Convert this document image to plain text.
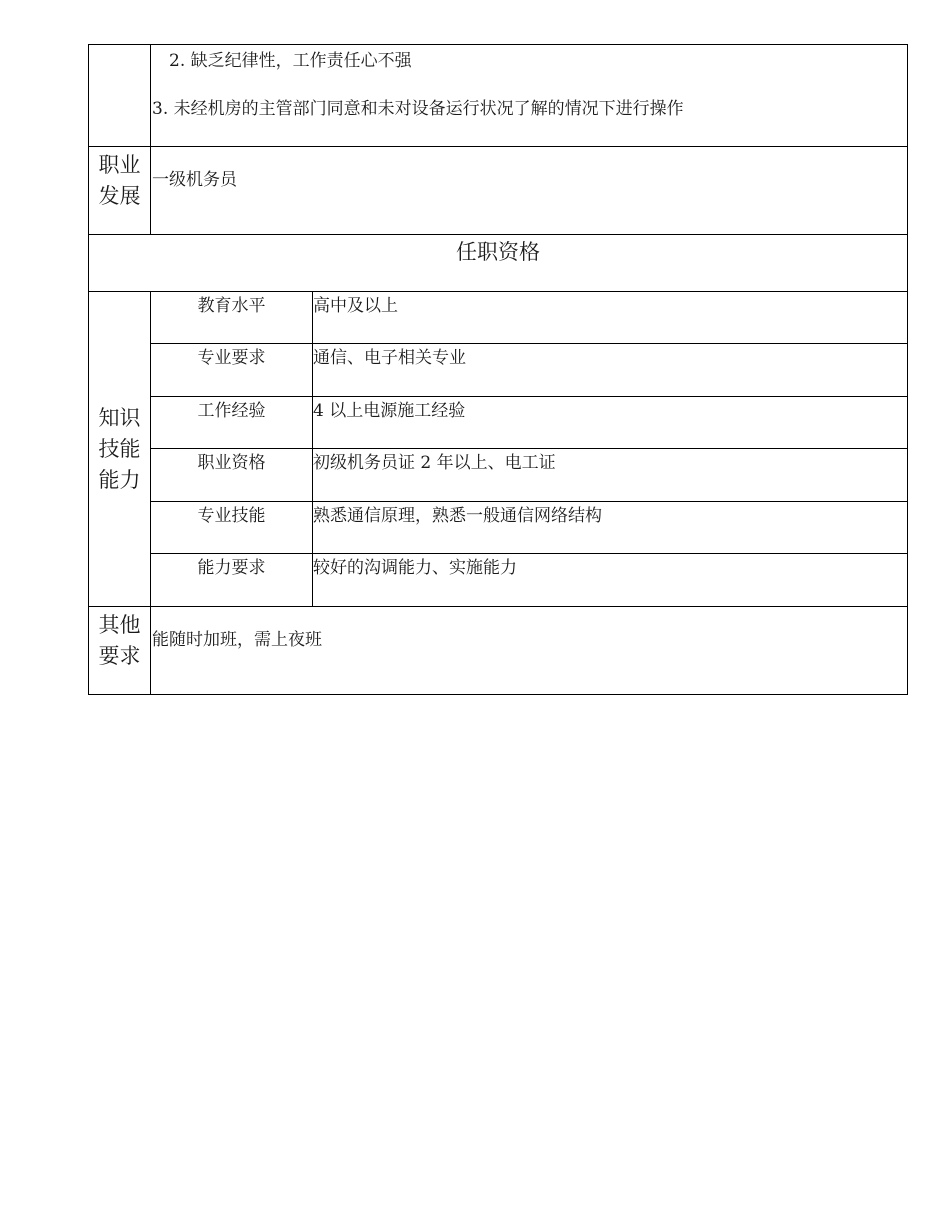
	2. 缺乏纪律性，工作责任心不强
3. 未经机房的主管部门同意和未对设备运行状况了解的情况下进行操作	

职业
发展	一级机务员	

任职资格		

知识
技能
能力	教育水平	高中及以上
	专业要求	通信、电子相关专业
	工作经验	4 以上电源施工经验
	职业资格	初级机务员证 2 年以上、电工证
	专业技能	熟悉通信原理，熟悉一般通信网络结构
	能力要求	较好的沟调能力、实施能力

其他
要求	能随时加班，需上夜班	
